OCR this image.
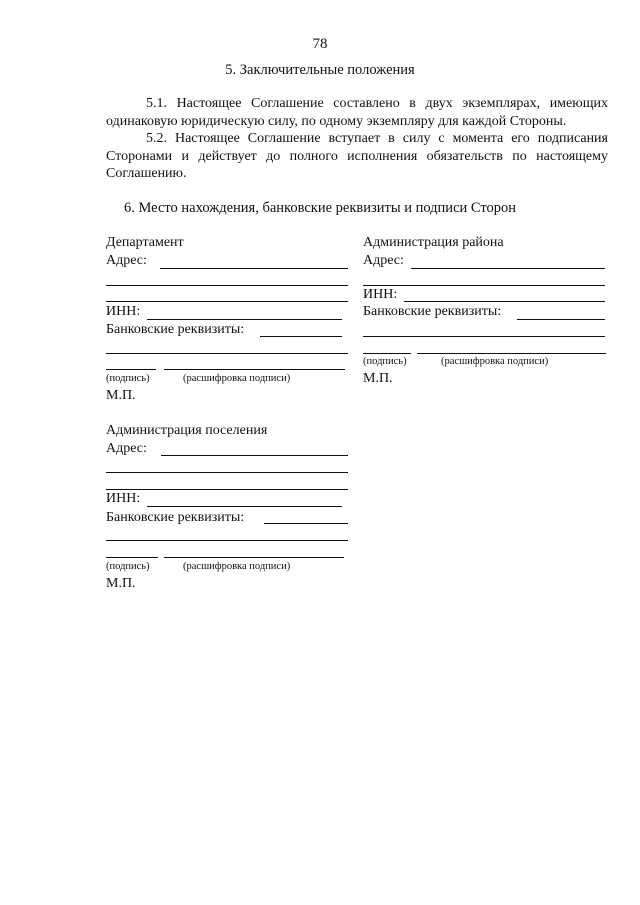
78
5. Заключительные положения
5.1. Настоящее Соглашение составлено в двух экземплярах, имеющих одинаковую юридическую силу, по одному экземпляру для каждой Стороны.
5.2. Настоящее Соглашение вступает в силу с момента его подписания Сторонами и действует до полного исполнения обязательств по настоящему Соглашению.
6. Место нахождения, банковские реквизиты и подписи Сторон
Департамент
Адрес:
ИНН:
Банковские реквизиты:
(подпись)	(расшифровка подписи)
М.П.
Администрация района
Адрес:
ИНН:
Банковские реквизиты:
(подпись)	(расшифровка подписи)
М.П.
Администрация поселения
Адрес:
ИНН:
Банковские реквизиты:
(подпись)	(расшифровка подписи)
М.П.
